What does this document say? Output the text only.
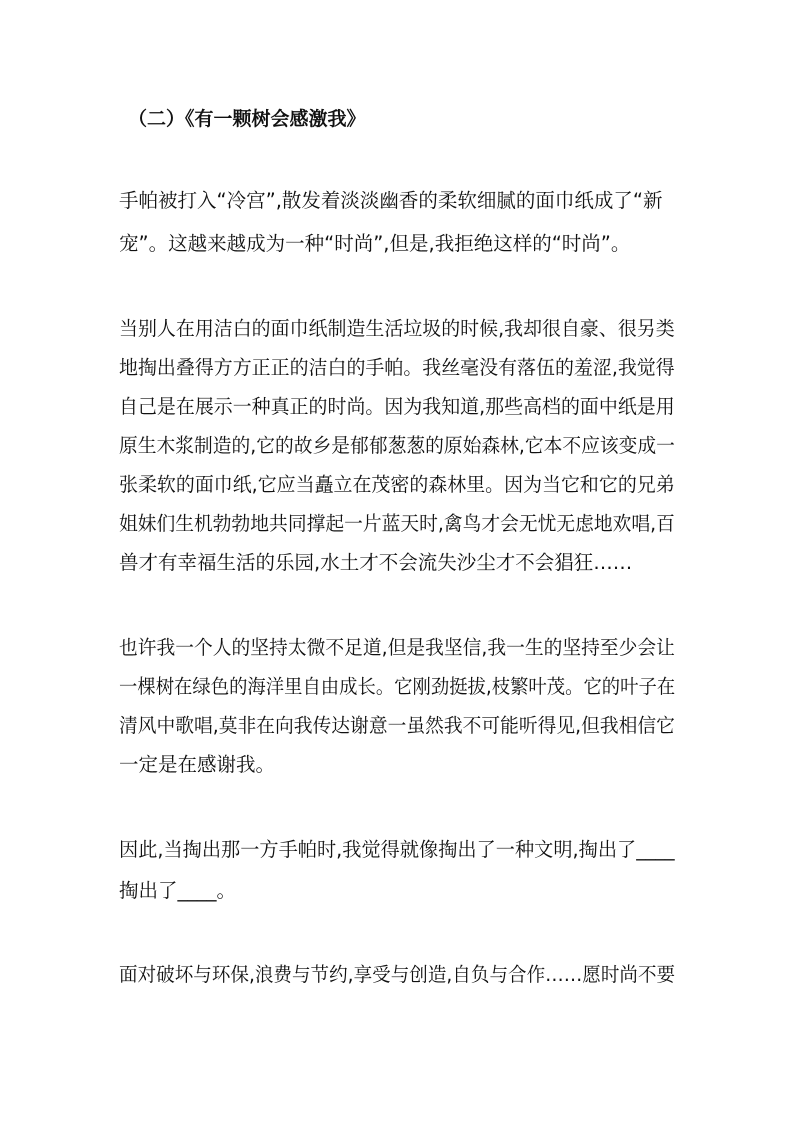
（二）《有一颗树会感激我》
手帕被打入“冷宫”,散发着淡淡幽香的柔软细腻的面巾纸成了“新
宠”。这越来越成为一种“时尚”,但是,我拒绝这样的“时尚”。
当别人在用洁白的面巾纸制造生活垃圾的时候,我却很自豪、很另类
地掏出叠得方方正正的洁白的手帕。我丝毫没有落伍的羞涩,我觉得
自己是在展示一种真正的时尚。因为我知道,那些高档的面中纸是用
原生木浆制造的,它的故乡是郁郁葱葱的原始森林,它本不应该变成一
张柔软的面巾纸,它应当矗立在茂密的森林里。因为当它和它的兄弟
姐妹们生机勃勃地共同撑起一片蓝天时,禽鸟才会无忧无虑地欢唱,百
兽才有幸福生活的乐园,水土才不会流失沙尘才不会猖狂……
也许我一个人的坚持太微不足道,但是我坚信,我一生的坚持至少会让
一棵树在绿色的海洋里自由成长。它刚劲挺拔,枝繁叶茂。它的叶子在
清风中歌唱,莫非在向我传达谢意一虽然我不可能听得见,但我相信它
一定是在感谢我。
因此,当掏出那一方手帕时,我觉得就像掏出了一种文明,掏出了____
掏出了____。
面对破坏与环保,浪费与节约,享受与创造,自负与合作……愿时尚不要
